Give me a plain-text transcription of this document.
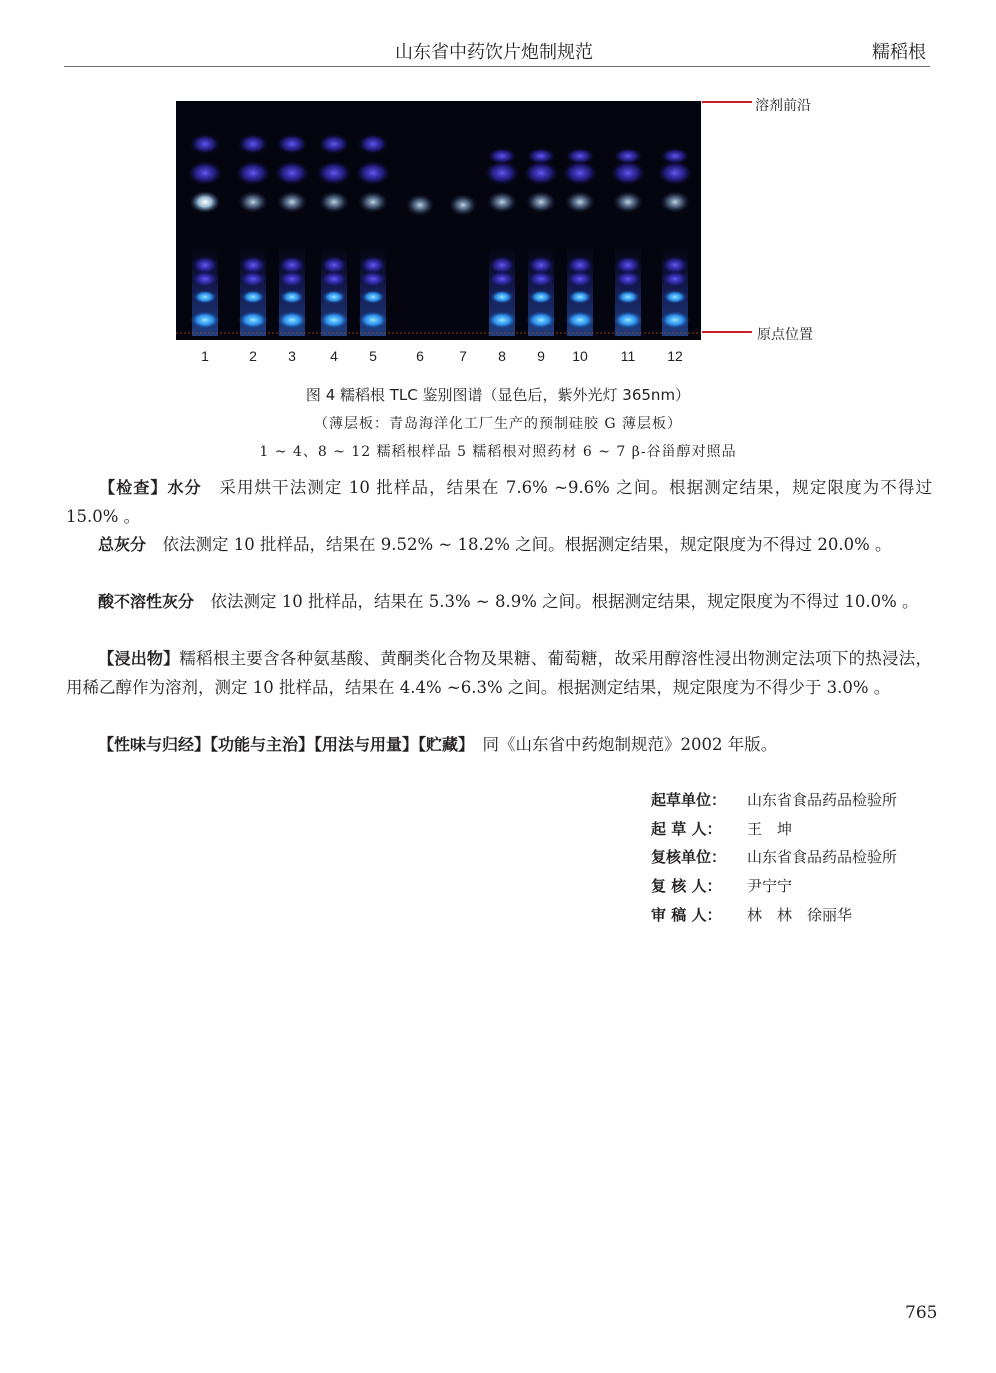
山东省中药饮片炮制规范	糯稻根
溶剂前沿
原点位置
1	2	3	4	5	6	7	8	9	10 11 12
图 4 糯稻根 TLC 鉴别图谱（显色后，紫外光灯 365nm）
（薄层板：青岛海洋化工厂生产的预制硅胶 G 薄层板）
1 ~ 4、8 ~ 12 糯稻根样品 5 糯稻根对照药材 6 ~ 7 β-谷甾醇对照品
【检查】水分　 采用烘干法测定 10 批样品，结果在 7.6% ~9.6% 之间。根据测定结果，规定限度为不得过 15.0% 。
总灰分　 依法测定 10 批样品，结果在 9.52% ~ 18.2% 之间。根据测定结果，规定限度为不得过 20.0% 。
酸不溶性灰分　 依法测定 10 批样品，结果在 5.3% ~ 8.9% 之间。根据测定结果，规定限度为不得过 10.0% 。
【浸出物】糯稻根主要含各种氨基酸、黄酮类化合物及果糖、葡萄糖，故采用醇溶性浸出物测定法项下的热浸法，用稀乙醇作为溶剂，测定 10 批样品，结果在 4.4% ~6.3% 之间。根据测定结果，规定限度为不得少于 3.0% 。
【性味与归经】【功能与主治】【用法与用量】【贮藏】　 同《山东省中药炮制规范》2002 年版。
起草单位： 山东省食品药品检验所
起 草 人： 王　坤
复核单位： 山东省食品药品检验所
复 核 人： 尹宁宁
审 稿 人： 林　林　徐丽华
765
